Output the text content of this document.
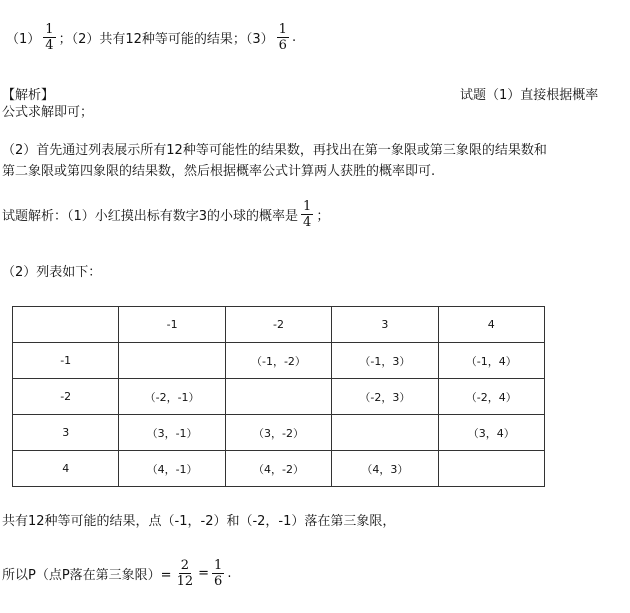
$(1) \frac{1}{4}$ ；（2）共有12种等可能的结果；$(3) \frac{1}{6}$ .
【解析】	试题（1）直接根据概率
公式求解即可；
（2）首先通过列表展示所有12种等可能性的结果数，再找出在第一象限或第三象限的结果数和
第二象限或第四象限的结果数，然后根据概率公式计算两人获胜的概率即可.
试题解析：（1）小红摸出标有数字3的小球的概率是 $\frac{1}{4}$ ；
（2）列表如下：
	-1	-2	3	4
-1		（-1，-2）	（-1，3）	（-1，4）
-2	（-2，-1）		（-2，3）	（-2，4）
3	（3，-1）	（3，-2）		（3，4）
4	（4，-1）	（4，-2）	（4，3）	
共有12种等可能的结果，点（-1，-2）和（-2，-1）落在第三象限，
所以P（点P落在第三象限）= $\frac{2}{12} = \frac{1}{6}$ .
